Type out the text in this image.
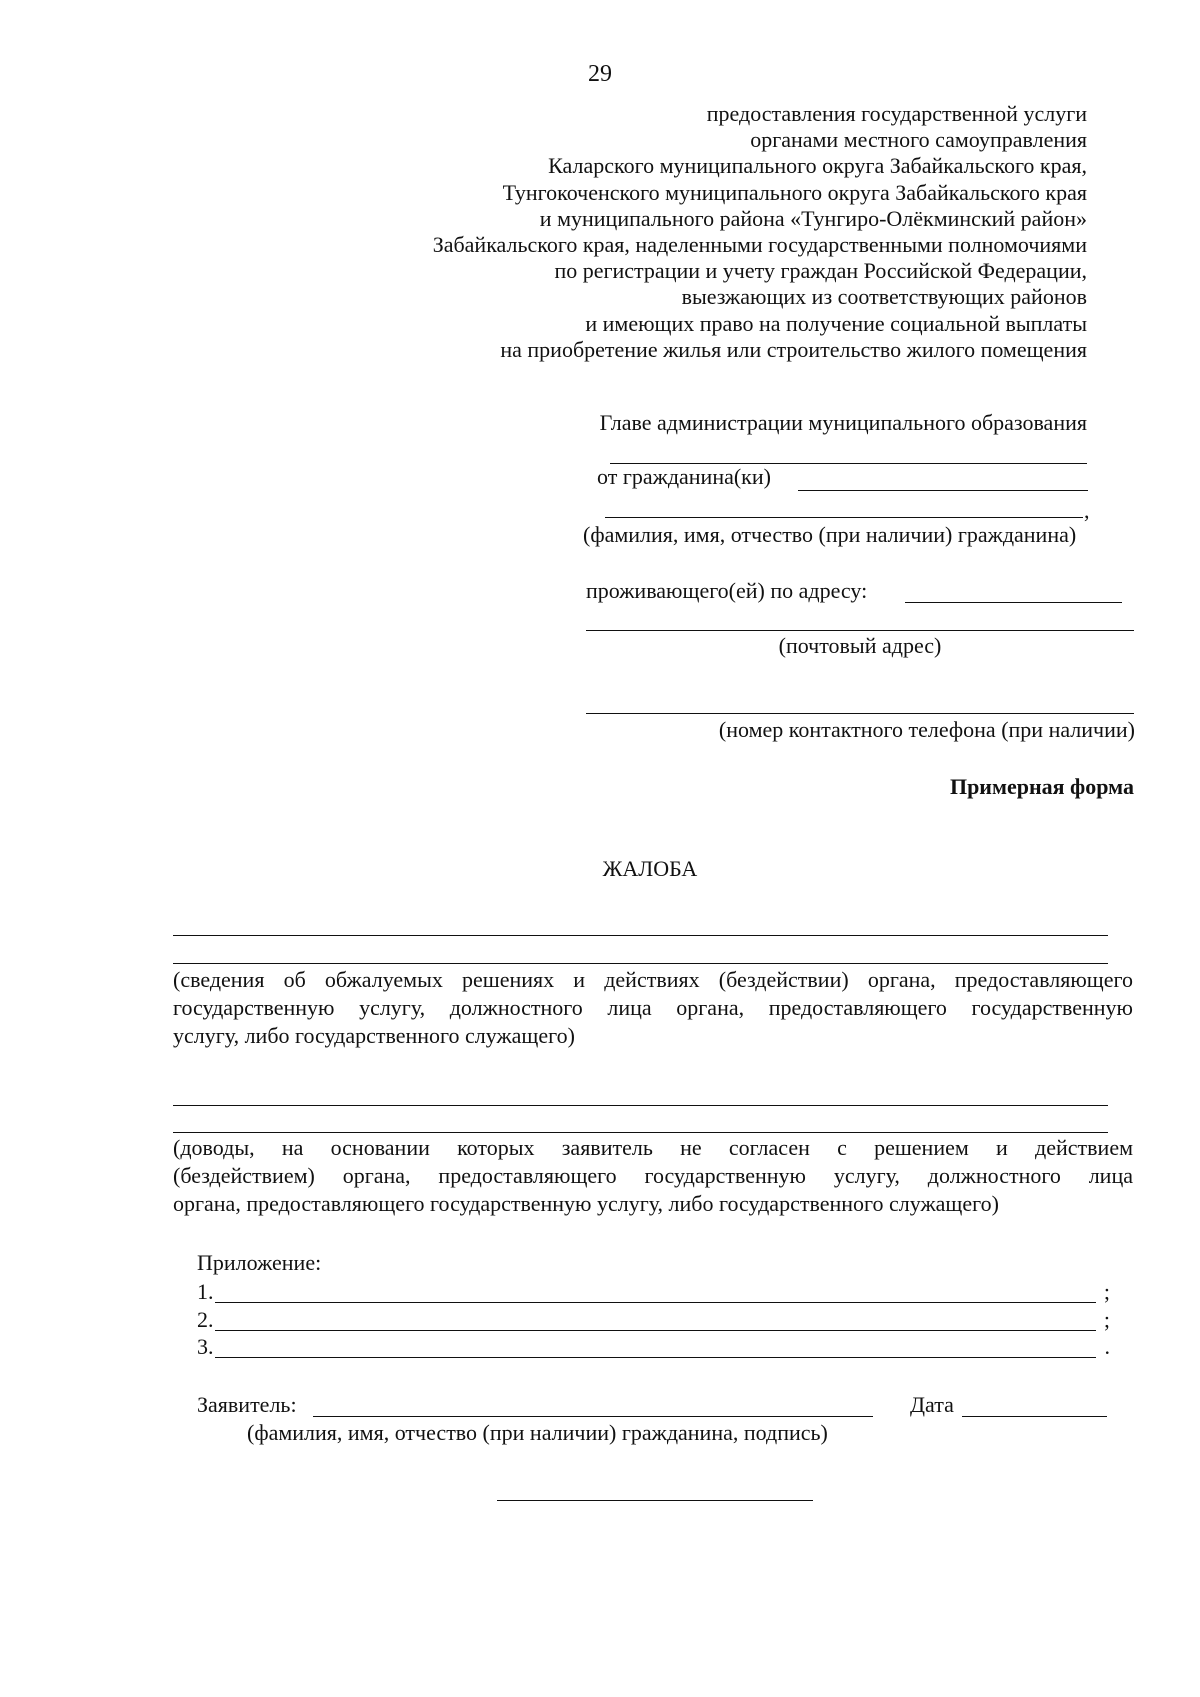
29
предоставления государственной услуги
органами местного самоуправления
Каларского муниципального округа Забайкальского края,
Тунгокоченского муниципального округа Забайкальского края
и муниципального района «Тунгиро-Олёкминский район»
Забайкальского края, наделенными государственными полномочиями
по регистрации и учету граждан Российской Федерации,
выезжающих из соответствующих районов
и имеющих право на получение социальной выплаты
на приобретение жилья или строительство жилого помещения
Главе администрации муниципального образования
от гражданина(ки)
,
(фамилия, имя, отчество (при наличии) гражданина)
проживающего(ей) по адресу:
(почтовый адрес)
(номер контактного телефона (при наличии)
Примерная форма
ЖАЛОБА
(сведения об обжалуемых решениях и действиях (бездействии) органа, предоставляющего
государственную услугу, должностного лица органа, предоставляющего государственную
услугу, либо государственного служащего)
(доводы, на основании которых заявитель не согласен с решением и действием
(бездействием) органа, предоставляющего государственную услугу, должностного лица
органа, предоставляющего государственную услугу, либо государственного служащего)
Приложение:
1.	;
2.	;
3.	.
Заявитель:	Дата
(фамилия, имя, отчество (при наличии) гражданина, подпись)
